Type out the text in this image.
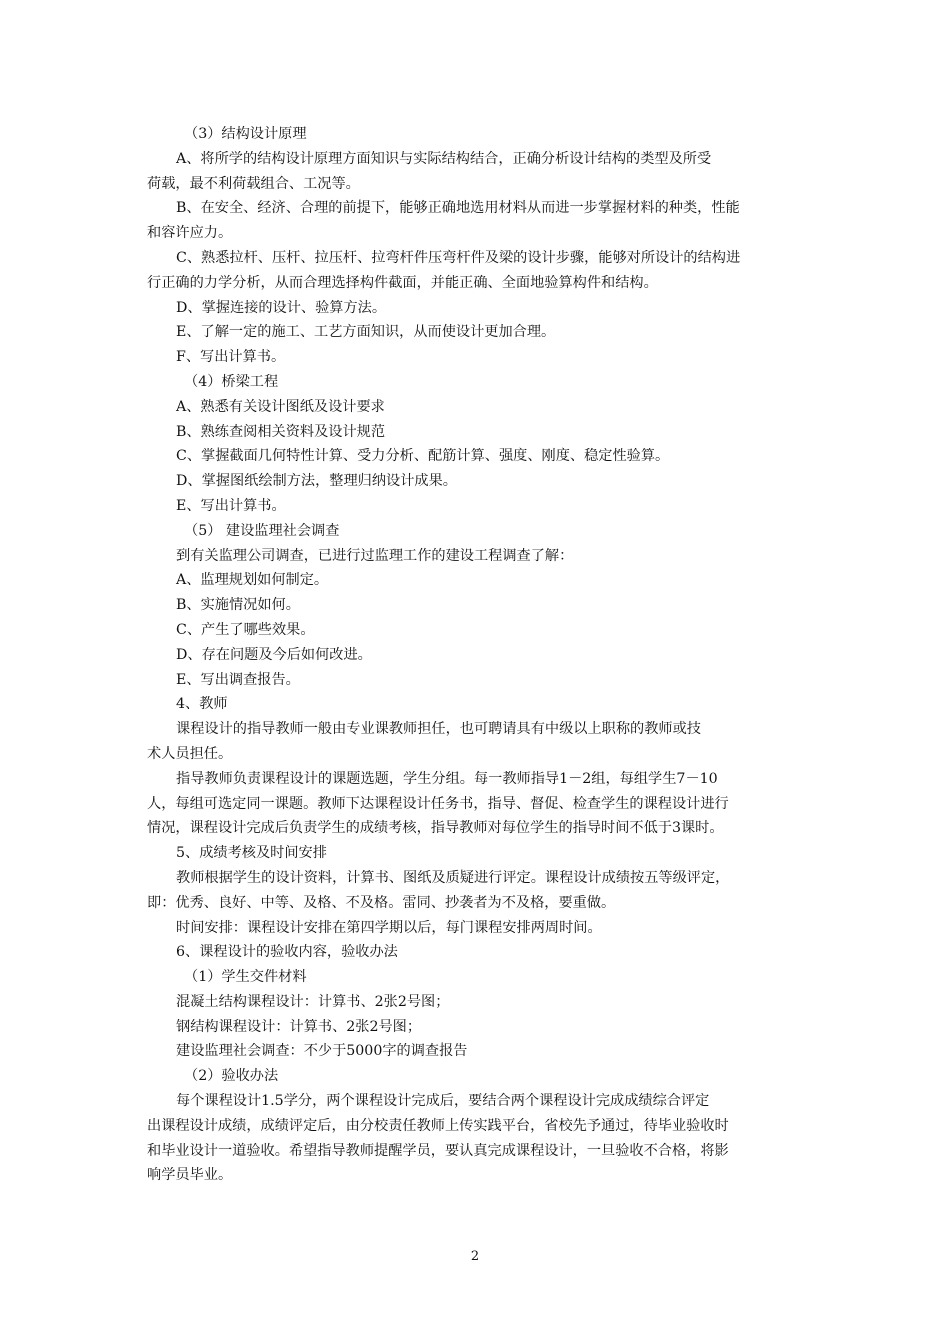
（3）结构设计原理
A、将所学的结构设计原理方面知识与实际结构结合，正确分析设计结构的类型及所受
荷载，最不利荷载组合、工况等。
B、在安全、经济、合理的前提下，能够正确地选用材料从而进一步掌握材料的种类，性能
和容许应力。
C、熟悉拉杆、压杆、拉压杆、拉弯杆件压弯杆件及梁的设计步骤，能够对所设计的结构进
行正确的力学分析，从而合理选择构件截面，并能正确、全面地验算构件和结构。
D、掌握连接的设计、验算方法。
E、了解一定的施工、工艺方面知识，从而使设计更加合理。
F、写出计算书。
（4）桥梁工程
A、熟悉有关设计图纸及设计要求
B、熟练查阅相关资料及设计规范
C、掌握截面几何特性计算、受力分析、配筋计算、强度、刚度、稳定性验算。
D、掌握图纸绘制方法，整理归纳设计成果。
E、写出计算书。
（5） 建设监理社会调查
到有关监理公司调查，已进行过监理工作的建设工程调查了解：
A、监理规划如何制定。
B、实施情况如何。
C、产生了哪些效果。
D、存在问题及今后如何改进。
E、写出调查报告。
4、教师
课程设计的指导教师一般由专业课教师担任，也可聘请具有中级以上职称的教师或技
术人员担任。
指导教师负责课程设计的课题选题，学生分组。每一教师指导1－2组，每组学生7－10
人，每组可选定同一课题。教师下达课程设计任务书，指导、督促、检查学生的课程设计进行
情况，课程设计完成后负责学生的成绩考核，指导教师对每位学生的指导时间不低于3课时。
5、成绩考核及时间安排
教师根据学生的设计资料，计算书、图纸及质疑进行评定。课程设计成绩按五等级评定，
即：优秀、良好、中等、及格、不及格。雷同、抄袭者为不及格，要重做。
时间安排：课程设计安排在第四学期以后，每门课程安排两周时间。
6、课程设计的验收内容，验收办法
（1）学生交件材料
混凝土结构课程设计：计算书、2张2号图；
钢结构课程设计：计算书、2张2号图；
建设监理社会调查：不少于5000字的调查报告
（2）验收办法
每个课程设计1.5学分，两个课程设计完成后，要结合两个课程设计完成成绩综合评定
出课程设计成绩，成绩评定后，由分校责任教师上传实践平台，省校先予通过，待毕业验收时
和毕业设计一道验收。希望指导教师提醒学员，要认真完成课程设计，一旦验收不合格，将影
响学员毕业。
2
